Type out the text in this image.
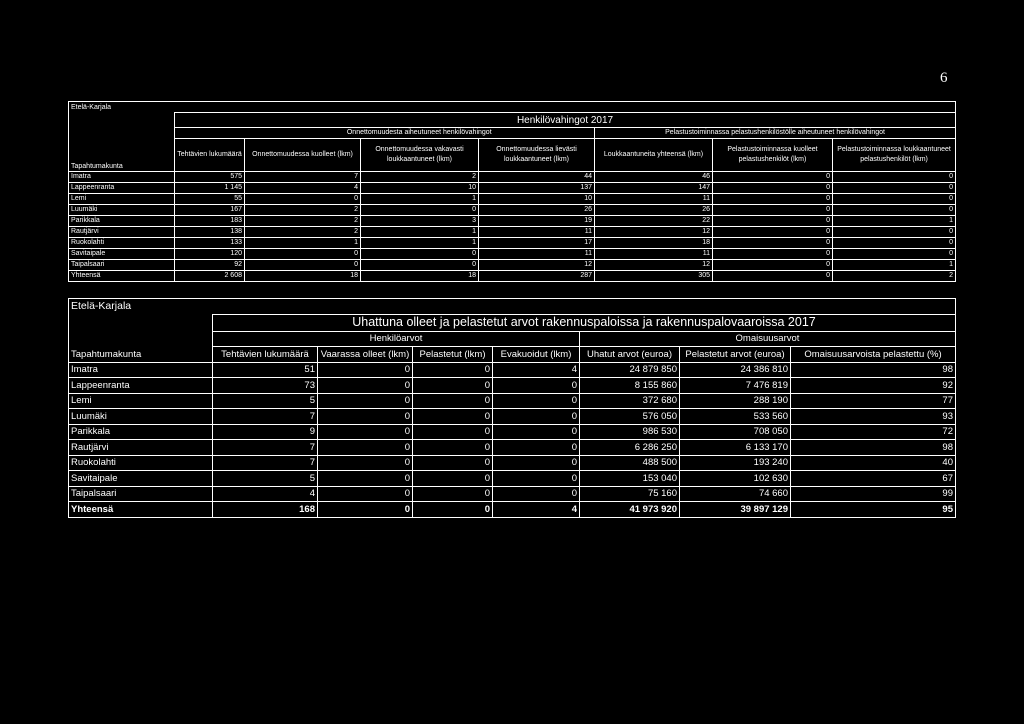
6
Etelä-Karjala							
	Henkilövahingot 2017						
		Onnettomuudesta aiheutuneet henkilövahingot			Pelastustoiminnassa pelastushenkilöstölle aiheutuneet henkilövahingot		
Tapahtumakunta	Tehtävien lukumäärä	Onnettomuudessa kuolleet (lkm)	Onnettomuudessa vakavasti loukkaantuneet (lkm)	Onnettomuudessa lievästi loukkaantuneet (lkm)	Loukkaantuneita yhteensä (lkm)	Pelastustoiminnassa kuolleet pelastushenkilöt (lkm)	Pelastustoiminnassa loukkaantuneet pelastushenkilöt (lkm)
Imatra	575	7	2	44	46	0	0
Lappeenranta	1 145	4	10	137	147	0	0
Lemi	55	0	1	10	11	0	0
Luumäki	167	2	0	26	26	0	0
Parikkala	183	2	3	19	22	0	1
Rautjärvi	138	2	1	11	12	0	0
Ruokolahti	133	1	1	17	18	0	0
Savitaipale	120	0	0	11	11	0	0
Taipalsaari	92	0	0	12	12	0	1
Yhteensä	2 608	18	18	287	305	0	2
Etelä-Karjala							
	Uhattuna olleet ja pelastetut arvot rakennuspaloissa ja rakennuspalovaaroissa 2017						
	Henkilöarvot				Omaisuusarvot		
Tapahtumakunta	Tehtävien lukumäärä	Vaarassa olleet (lkm)	Pelastetut (lkm)	Evakuoidut (lkm)	Uhatut arvot (euroa)	Pelastetut arvot (euroa)	Omaisuusarvoista pelastettu (%)
Imatra	51	0	0	4	24 879 850	24 386 810	98
Lappeenranta	73	0	0	0	8 155 860	7 476 819	92
Lemi	5	0	0	0	372 680	288 190	77
Luumäki	7	0	0	0	576 050	533 560	93
Parikkala	9	0	0	0	986 530	708 050	72
Rautjärvi	7	0	0	0	6 286 250	6 133 170	98
Ruokolahti	7	0	0	0	488 500	193 240	40
Savitaipale	5	0	0	0	153 040	102 630	67
Taipalsaari	4	0	0	0	75 160	74 660	99
Yhteensä	168	0	0	4	41 973 920	39 897 129	95
